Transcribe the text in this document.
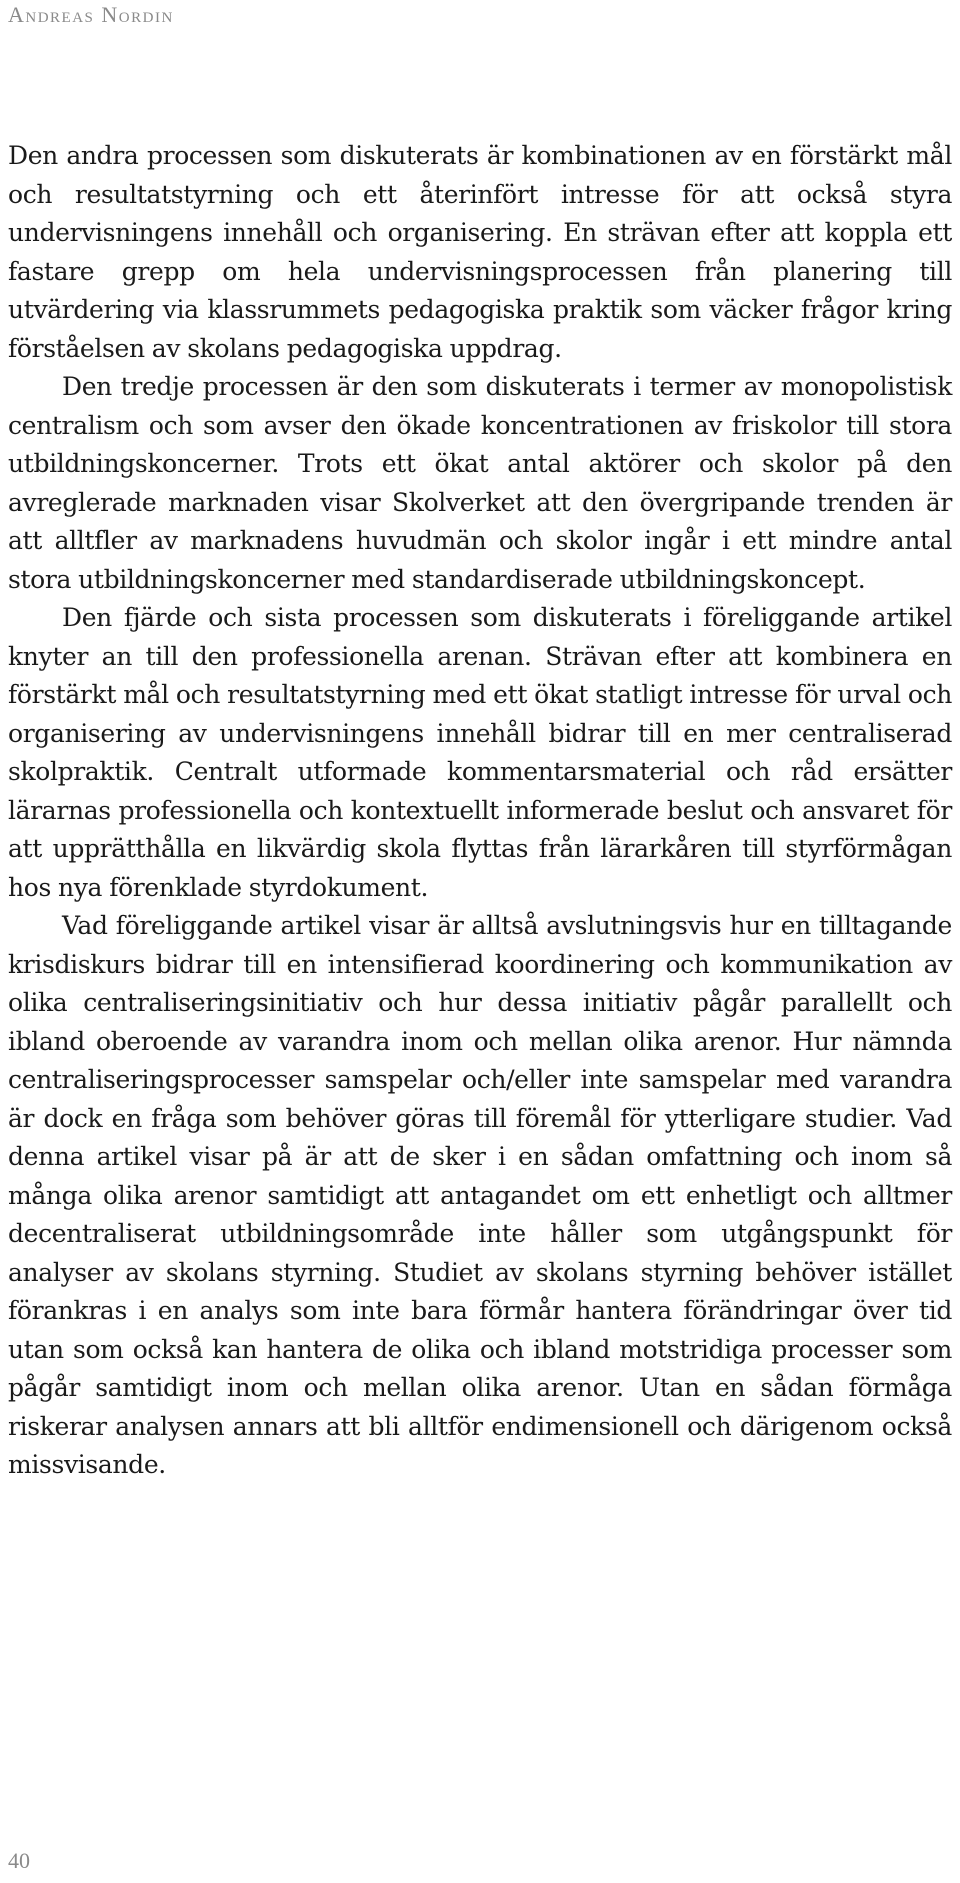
Andreas Nordin

Den andra processen som diskuterats är kombinationen av en förstärkt mål och resultatstyrning och ett återinfört intresse för att också styra undervisningens innehåll och organisering. En strävan efter att koppla ett fastare grepp om hela undervisningsprocessen från planering till utvärdering via klassrummets pedagogiska praktik som väcker frågor kring förståelsen av skolans pedagogiska uppdrag.

Den tredje processen är den som diskuterats i termer av monopolistisk centralism och som avser den ökade koncentrationen av friskolor till stora utbildningskoncerner. Trots ett ökat antal aktörer och skolor på den avreglerade marknaden visar Skolverket att den övergripande trenden är att alltfler av marknadens huvudmän och skolor ingår i ett mindre antal stora utbildningskoncerner med standardiserade utbildningskoncept.

Den fjärde och sista processen som diskuterats i föreliggande artikel knyter an till den professionella arenan. Strävan efter att kombinera en förstärkt mål och resultatstyrning med ett ökat statligt intresse för urval och organisering av undervisningens innehåll bidrar till en mer centraliserad skolpraktik. Centralt utformade kommentarsmaterial och råd ersätter lärarnas professionella och kontextuellt informerade beslut och ansvaret för att upprätthålla en likvärdig skola flyttas från lärarkåren till styrförmågan hos nya förenklade styrdokument.

Vad föreliggande artikel visar är alltså avslutningsvis hur en tilltagande krisdiskurs bidrar till en intensifierad koordinering och kommunikation av olika centraliseringsinitiativ och hur dessa initiativ pågår parallellt och ibland oberoende av varandra inom och mellan olika arenor. Hur nämnda centraliseringsprocesser samspelar och/​eller inte samspelar med varandra är dock en fråga som behöver göras till föremål för ytterligare studier. Vad denna artikel visar på är att de sker i en sådan omfattning och inom så många olika arenor samtidigt att antagandet om ett enhetligt och alltmer decentraliserat utbildningsområde inte håller som utgångspunkt för analyser av skolans styrning. Studiet av skolans styrning behöver istället förankras i en analys som inte bara förmår hantera förändringar över tid utan som också kan hantera de olika och ibland motstridiga processer som pågår samtidigt inom och mellan olika arenor. Utan en sådan förmåga riskerar analysen annars att bli alltför endimensionell och därigenom också missvisande.

40
